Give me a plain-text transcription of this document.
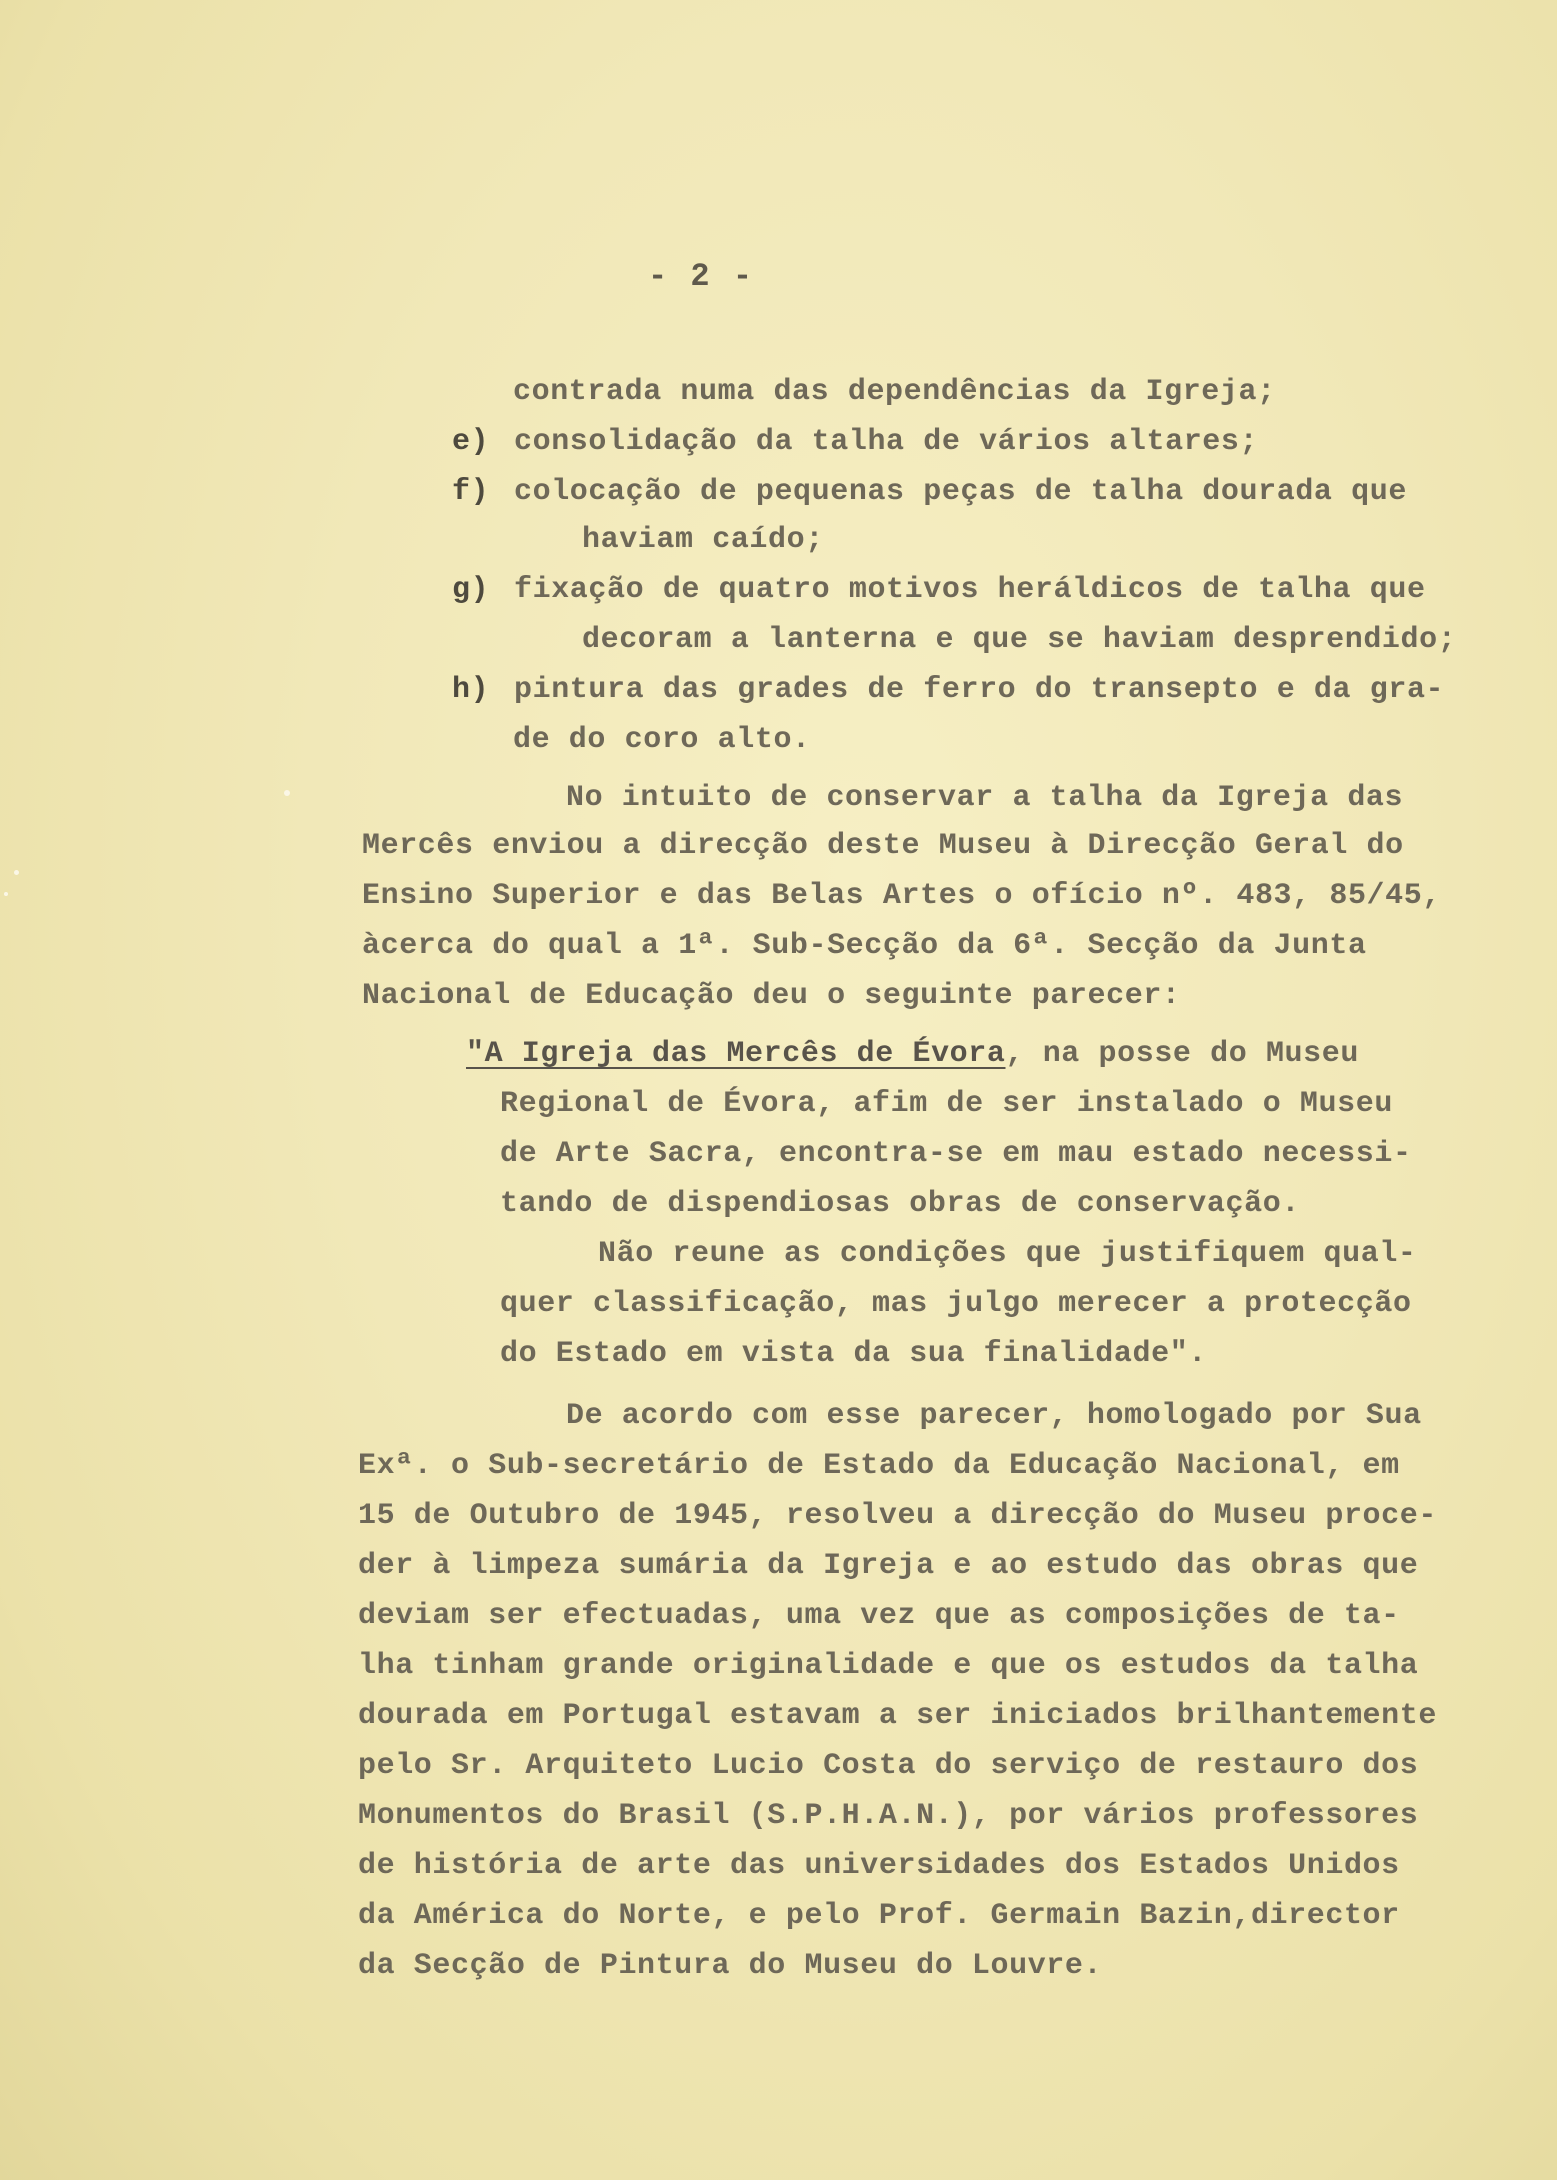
- 2 -
contrada numa das dependências da Igreja;
e) consolidação da talha de vários altares;
f) colocação de pequenas peças de talha dourada que
haviam caído;
g) fixação de quatro motivos heráldicos de talha que
decoram a lanterna e que se haviam desprendido;
h) pintura das grades de ferro do transepto e da gra-
de do coro alto.
No intuito de conservar a talha da Igreja das
Mercês enviou a direcção deste Museu à Direcção Geral do
Ensino Superior e das Belas Artes o ofício nº. 483, 85/45,
àcerca do qual a 1ª. Sub-Secção da 6ª. Secção da Junta
Nacional de Educação deu o seguinte parecer:
"A Igreja das Mercês de Évora, na posse do Museu
Regional de Évora, afim de ser instalado o Museu
de Arte Sacra, encontra-se em mau estado necessi-
tando de dispendiosas obras de conservação.
Não reune as condições que justifiquem qual-
quer classificação, mas julgo merecer a protecção
do Estado em vista da sua finalidade".
De acordo com esse parecer, homologado por Sua
Exª. o Sub-secretário de Estado da Educação Nacional, em
15 de Outubro de 1945, resolveu a direcção do Museu proce-
der à limpeza sumária da Igreja e ao estudo das obras que
deviam ser efectuadas, uma vez que as composições de ta-
lha tinham grande originalidade e que os estudos da talha
dourada em Portugal estavam a ser iniciados brilhantemente
pelo Sr. Arquiteto Lucio Costa do serviço de restauro dos
Monumentos do Brasil (S.P.H.A.N.), por vários professores
de história de arte das universidades dos Estados Unidos
da América do Norte, e pelo Prof. Germain Bazin,director
da Secção de Pintura do Museu do Louvre.
